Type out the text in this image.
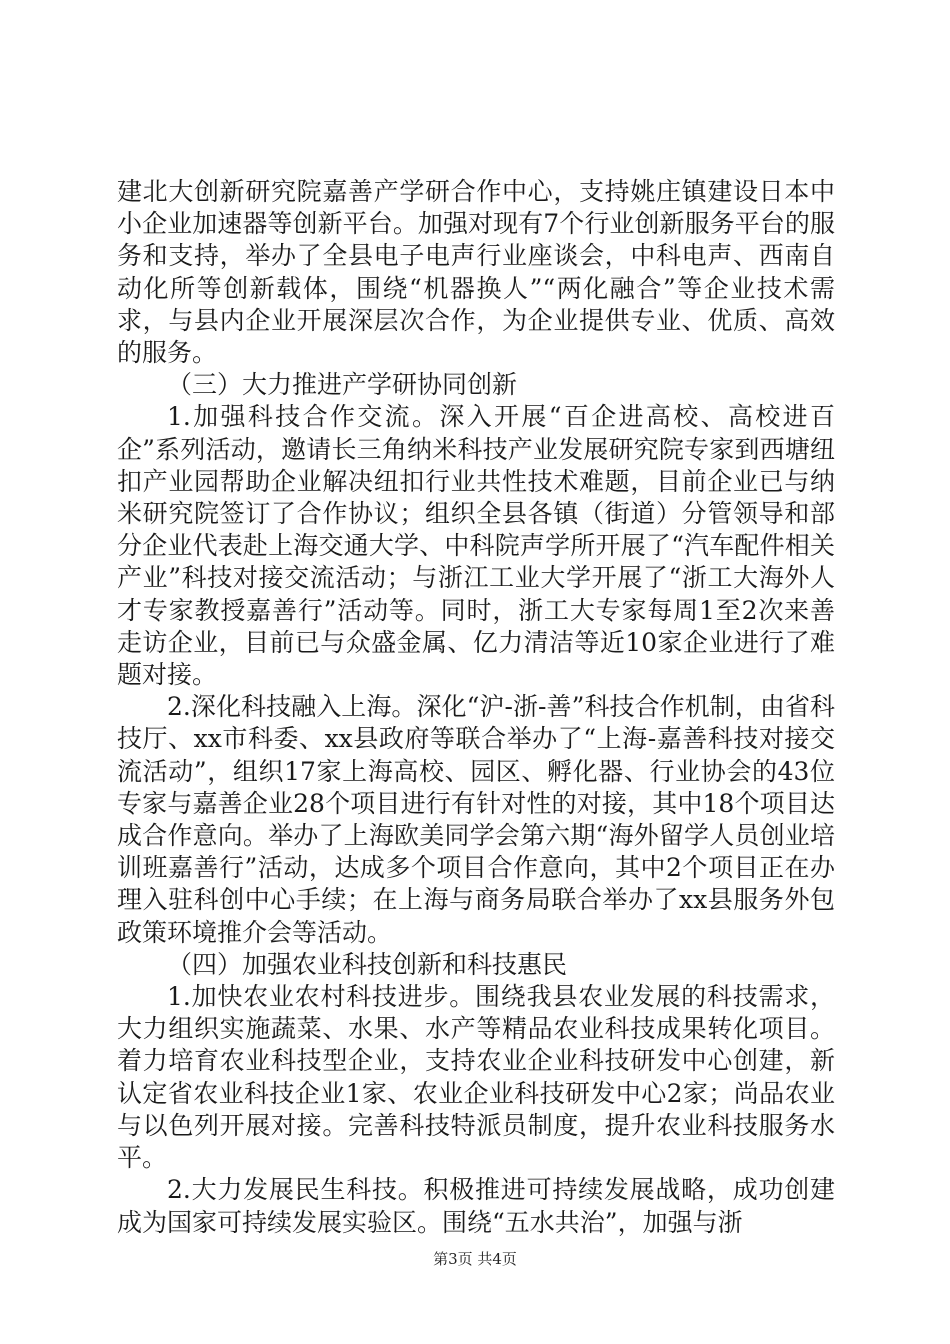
建北大创新研究院嘉善产学研合作中心，支持姚庄镇建设日本中小企业加速器等创新平台。加强对现有7个行业创新服务平台的服务和支持，举办了全县电子电声行业座谈会，中科电声、西南自动化所等创新载体，围绕“机器换人”“两化融合”等企业技术需求，与县内企业开展深层次合作，为企业提供专业、优质、高效的服务。

（三）大力推进产学研协同创新

1.加强科技合作交流。深入开展“百企进高校、高校进百企”系列活动，邀请长三角纳米科技产业发展研究院专家到西塘纽扣产业园帮助企业解决纽扣行业共性技术难题，目前企业已与纳米研究院签订了合作协议；组织全县各镇（街道）分管领导和部分企业代表赴上海交通大学、中科院声学所开展了“汽车配件相关产业”科技对接交流活动；与浙江工业大学开展了“浙工大海外人才专家教授嘉善行”活动等。同时，浙工大专家每周1至2次来善走访企业，目前已与众盛金属、亿力清洁等近10家企业进行了难题对接。

2.深化科技融入上海。深化“沪-浙-善”科技合作机制，由省科技厅、xx市科委、xx县政府等联合举办了“上海-嘉善科技对接交流活动”，组织17家上海高校、园区、孵化器、行业协会的43位专家与嘉善企业28个项目进行有针对性的对接，其中18个项目达成合作意向。举办了上海欧美同学会第六期“海外留学人员创业培训班嘉善行”活动，达成多个项目合作意向，其中2个项目正在办理入驻科创中心手续；在上海与商务局联合举办了xx县服务外包政策环境推介会等活动。

（四）加强农业科技创新和科技惠民

1.加快农业农村科技进步。围绕我县农业发展的科技需求，大力组织实施蔬菜、水果、水产等精品农业科技成果转化项目。着力培育农业科技型企业，支持农业企业科技研发中心创建，新认定省农业科技企业1家、农业企业科技研发中心2家；尚品农业与以色列开展对接。完善科技特派员制度，提升农业科技服务水平。

2.大力发展民生科技。积极推进可持续发展战略，成功创建成为国家可持续发展实验区。围绕“五水共治”，加强与浙

第3页 共4页
